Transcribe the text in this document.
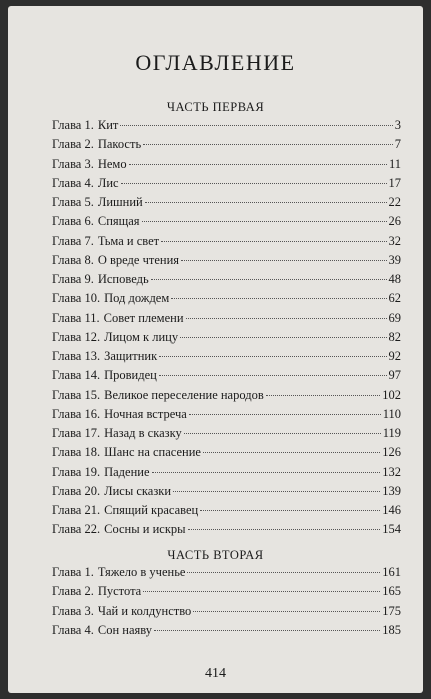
ОГЛАВЛЕНИЕ
ЧАСТЬ ПЕРВАЯ
Глава 1. Кит	3
Глава 2. Пакость	7
Глава 3. Немо	11
Глава 4. Лис	17
Глава 5. Лишний	22
Глава 6. Спящая	26
Глава 7. Тьма и свет	32
Глава 8. О вреде чтения	39
Глава 9. Исповедь	48
Глава 10. Под дождем	62
Глава 11. Совет племени	69
Глава 12. Лицом к лицу	82
Глава 13. Защитник	92
Глава 14. Провидец	97
Глава 15. Великое переселение народов	102
Глава 16. Ночная встреча	110
Глава 17. Назад в сказку	119
Глава 18. Шанс на спасение	126
Глава 19. Падение	132
Глава 20. Лисы сказки	139
Глава 21. Спящий красавец	146
Глава 22. Сосны и искры	154
ЧАСТЬ ВТОРАЯ
Глава 1. Тяжело в ученье	161
Глава 2. Пустота	165
Глава 3. Чай и колдунство	175
Глава 4. Сон наяву	185
414
